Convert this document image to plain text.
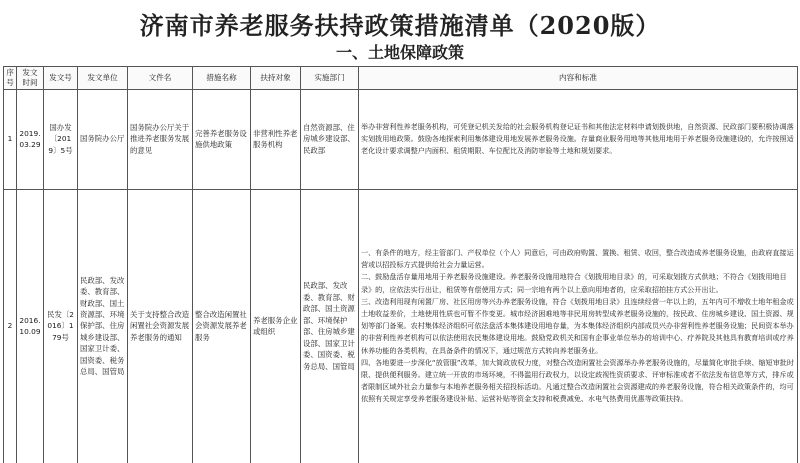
济南市养老服务扶持政策措施清单（2020版）
一、土地保障政策
序号	发文时间	发文号	发文单位	文件名	措施名称	扶持对象	实施部门	内容和标准
1	2019.03.29	国办发〔2019〕5号	国务院办公厅	国务院办公厅关于推进养老服务发展的意见	完善养老服务设施供地政策	非营利性养老服务机构	自然资源部、住房城乡建设部、民政部	举办非营利性养老服务机构，可凭登记机关发给的社会服务机构登记证书和其他法定材料申请划拨供地，自然资源、民政部门要积极协调落实划拨用地政策。鼓励各地探索利用集体建设用地发展养老服务设施。存量商业服务用地等其他用地用于养老服务设施建设的，允许按照适老化设计要求调整户内面积、租赁期限、车位配比及消防审验等土地和规划要求。
2	2016.10.09	民发〔2016〕179号	民政部、发改委、教育部、财政部、国土资源部、环境保护部、住房城乡建设部、国家卫计委、国资委、税务总局、国管局	关于支持整合改造闲置社会资源发展养老服务的通知	整合改造闲置社会资源发展养老服务	养老服务企业或组织	民政部、发改委、教育部、财政部、国土资源部、环境保护部、住房城乡建设部、国家卫计委、国资委、税务总局、国管局	一、有条件的地方，经主管部门、产权单位（个人）同意后，可由政府购置、置换、租赁、收回，整合改造成养老服务设施，由政府直接运营或以招投标方式提供给社会力量运营。
二、鼓励盘活存量用地用于养老服务设施建设。养老服务设施用地符合《划拨用地目录》的，可采取划拨方式供地；不符合《划拨用地目录》的，应依法实行出让，租赁等有偿使用方式；同一宗地有两个以上意向用地者的，应采取招拍挂方式公开出让。
三、改造利用现有闲置厂房、社区用房等兴办养老服务设施，符合《划拨用地目录》且连续经营一年以上的，五年内可不增收土地年租金或土地收益差价，土地使用性质也可暂不作变更。城市经济困难地等非民用房转型成养老服务设施的，按民政、住房城乡建设、国土资源、规划等部门备案。农村集体经济组织可依法盘活本集体建设用地存量，为本集体经济组织内部成员兴办非营利性养老服务设施；民间资本举办的非营利性养老机构可以依法使用农民集体建设用地。鼓励党政机关和国有企事业单位举办的培训中心、疗养院及其他具有教育培训或疗养休养功能的各类机构，在具备条件的情况下，通过规范方式转向养老服务业。
四、各地要进一步深化“放管服”改革，加大简政放权力度，对整合改造闲置社会资源举办养老服务设施的，尽量简化审批手续、缩短审批时限、提供便利服务。建立统一开放的市场环境，不得滥用行政权力，以设定歧视性资质要求、评审标准或者不依法发布信息等方式，排斥或者限制区域外社会力量参与本地养老服务相关招投标活动。凡通过整合改造闲置社会资源建成的养老服务设施，符合相关政策条件的，均可依照有关规定享受养老服务建设补贴、运营补贴等资金支持和税费减免、水电气热费用优惠等政策扶持。
